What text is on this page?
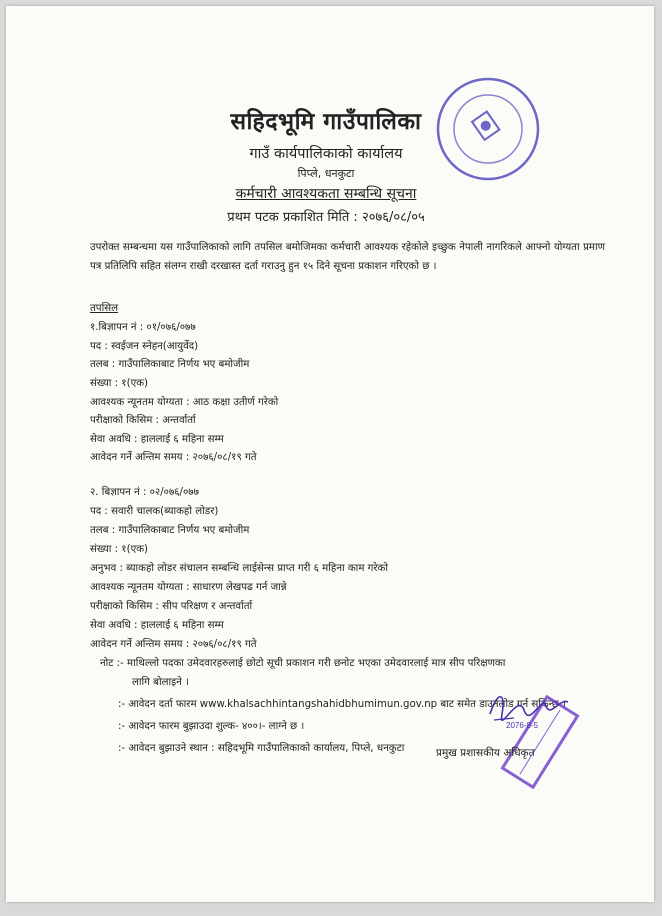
सहिदभूमि गाउँपालिका
गाउँ कार्यपालिकाको कार्यालय
पिप्ले, धनकुटा
कर्मचारी आवश्यकता सम्बन्धि सूचना
प्रथम पटक प्रकाशित मिति : २०७६/०८/०५
उपरोक्त सम्बन्धमा यस गाउँपालिकाको लागि तपसिल बमोजिमका कर्मचारी आवश्यक रहेकोले इच्छुक नेपाली नागरिकले आफ्नो योग्यता प्रमाण पत्र प्रतिलिपि सहित संलग्न राखी दरखास्त दर्ता गराउनु हुन १५ दिने सूचना प्रकाशन गरिएको छ ।
तपसिल
१.बिज्ञापन नं : ०१/०७६/०७७
पद : स्वईजन स्नेहन(आयुर्वेद)
तलब : गाउँपालिकाबाट निर्णय भए बमोजीम
संख्या : १(एक)
आवश्यक न्यूनतम योग्यता : आठ कक्षा उतीर्ण गरेको
परीक्षाको किसिम : अन्तर्वार्ता
सेवा अवधि : हाललाई ६ महिना सम्म
आवेदन गर्ने अन्तिम समय : २०७६/०८/१९ गते
२. बिज्ञापन नं : ०२/०७६/०७७
पद : सवारी चालक(ब्याकहो लोडर)
तलब : गाउँपालिकाबाट निर्णय भए बमोजीम
संख्या : १(एक)
अनुभव : ब्याकहो लोडर संचालन सम्बन्धि लाईसेन्स प्राप्त गरी ६ महिना काम गरेको
आवश्यक न्यूनतम योग्यता : साधारण लेखपढ गर्न जान्ने
परीक्षाको किसिम : सीप परिक्षण र अन्तर्वार्ता
सेवा अवधि : हाललाई ६ महिना सम्म
आवेदन गर्ने अन्तिम समय : २०७६/०८/१९ गते
नोट :- माथिल्लो पदका उमेदवारहरुलाई छोटो सूची प्रकाशन गरी छनोट भएका उमेदवारलाई मात्र सीप परिक्षणका
लागि बोलाइने ।
:- आवेदन दर्ता फारम www.khalsachhintangshahidbhumimun.gov.np बाट समेत डाउनलोड गर्न सकिन्छ ।
:- आवेदन फारम बुझाउदा शुल्क- ४००।- लाग्ने छ ।
:- आवेदन बुझाउने स्थान : सहिदभूमि गाउँपालिकाको कार्यालय, पिप्ले, धनकुटा
2076-8-5
प्रमुख प्रशासकीय अधिकृत
